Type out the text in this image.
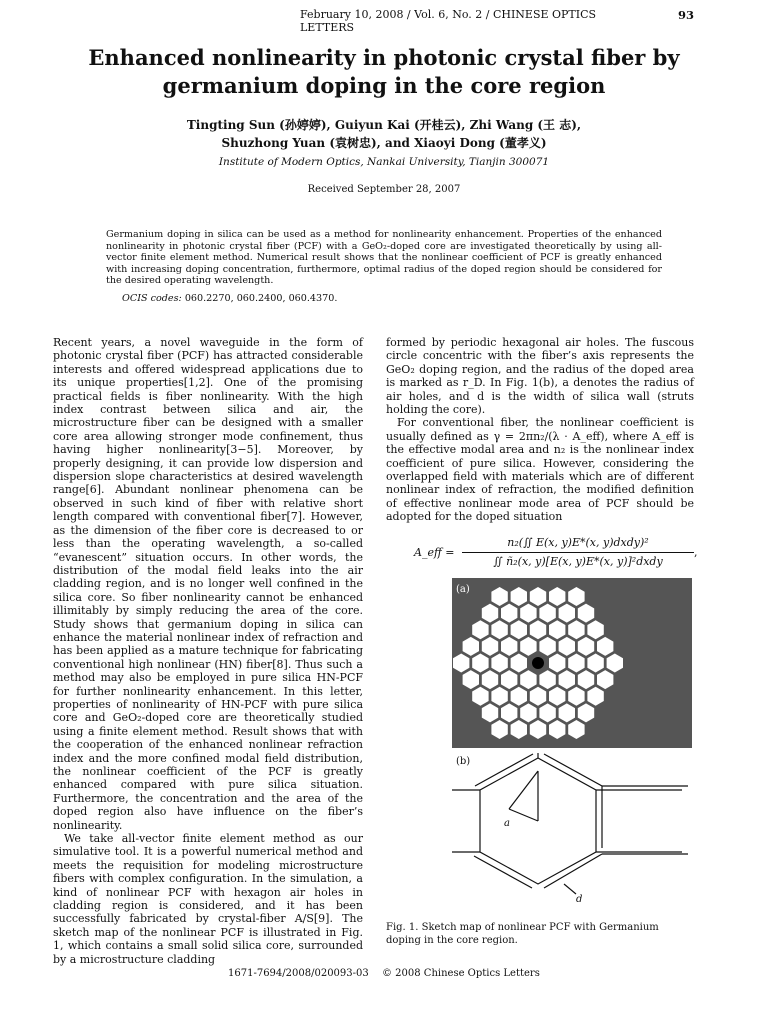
February 10, 2008 / Vol. 6, No. 2 / CHINESE OPTICS LETTERS
93
Enhanced nonlinearity in photonic crystal fiber by germanium doping in the core region
Tingting Sun (孙婷婷), Guiyun Kai (开桂云), Zhi Wang (王 志),
Shuzhong Yuan (袁树忠), and Xiaoyi Dong (董孝义)
Institute of Modern Optics, Nankai University, Tianjin 300071
Received September 28, 2007
Germanium doping in silica can be used as a method for nonlinearity enhancement. Properties of the enhanced nonlinearity in photonic crystal fiber (PCF) with a GeO₂-doped core are investigated theoretically by using all-vector finite element method. Numerical result shows that the nonlinear coefficient of PCF is greatly enhanced with increasing doping concentration, furthermore, optimal radius of the doped region should be considered for the desired operating wavelength.
OCIS codes: 060.2270, 060.2400, 060.4370.

Recent years, a novel waveguide in the form of photonic crystal fiber (PCF) has attracted considerable interests and offered widespread applications due to its unique properties[1,2]. One of the promising practical fields is fiber nonlinearity. With the high index contrast between silica and air, the microstructure fiber can be designed with a smaller core area allowing stronger mode confinement, thus having higher nonlinearity[3−5]. Moreover, by properly designing, it can provide low dispersion and dispersion slope characteristics at desired wavelength range[6]. Abundant nonlinear phenomena can be observed in such kind of fiber with relative short length compared with conventional fiber[7]. However, as the dimension of the fiber core is decreased to or less than the operating wavelength, a so-called “evanescent” situation occurs. In other words, the distribution of the modal field leaks into the air cladding region, and is no longer well confined in the silica core. So fiber nonlinearity cannot be enhanced illimitably by simply reducing the area of the core. Study shows that germanium doping in silica can enhance the material nonlinear index of refraction and has been applied as a mature technique for fabricating conventional high nonlinear (HN) fiber[8]. Thus such a method may also be employed in pure silica HN-PCF for further nonlinearity enhancement. In this letter, properties of nonlinearity of HN-PCF with pure silica core and GeO₂-doped core are theoretically studied using a finite element method. Result shows that with the cooperation of the enhanced nonlinear refraction index and the more confined modal field distribution, the nonlinear coefficient of the PCF is greatly enhanced compared with pure silica situation. Furthermore, the concentration and the area of the doped region also have influence on the fiber’s nonlinearity.

We take all-vector finite element method as our simulative tool. It is a powerful numerical method and meets the requisition for modeling microstructure fibers with complex configuration. In the simulation, a kind of nonlinear PCF with hexagon air holes in cladding region is considered, and it has been successfully fabricated by crystal-fiber A/S[9]. The sketch map of the nonlinear PCF is illustrated in Fig. 1, which contains a small solid silica core, surrounded by a microstructure cladding

formed by periodic hexagonal air holes. The fuscous circle concentric with the fiber’s axis represents the GeO₂ doping region, and the radius of the doped area is marked as r_D. In Fig. 1(b), a denotes the radius of air holes, and d is the width of silica wall (struts holding the core).

For conventional fiber, the nonlinear coefficient is usually defined as γ = 2πn₂/(λ · A_eff), where A_eff is the effective modal area and n₂ is the nonlinear index coefficient of pure silica. However, considering the overlapped field with materials which are of different nonlinear index of refraction, the modified definition of effective nonlinear mode area of PCF should be adopted for the doped situation

A_eff =
n₂(∬ E(x, y)E*(x, y)dxdy)²
∬ ñ₂(x, y)[E(x, y)E*(x, y)]²dxdy
,
(a)
(b)
a
d
Fig. 1. Sketch map of nonlinear PCF with Germanium doping in the core region.
1671-7694/2008/020093-03 © 2008 Chinese Optics Letters
